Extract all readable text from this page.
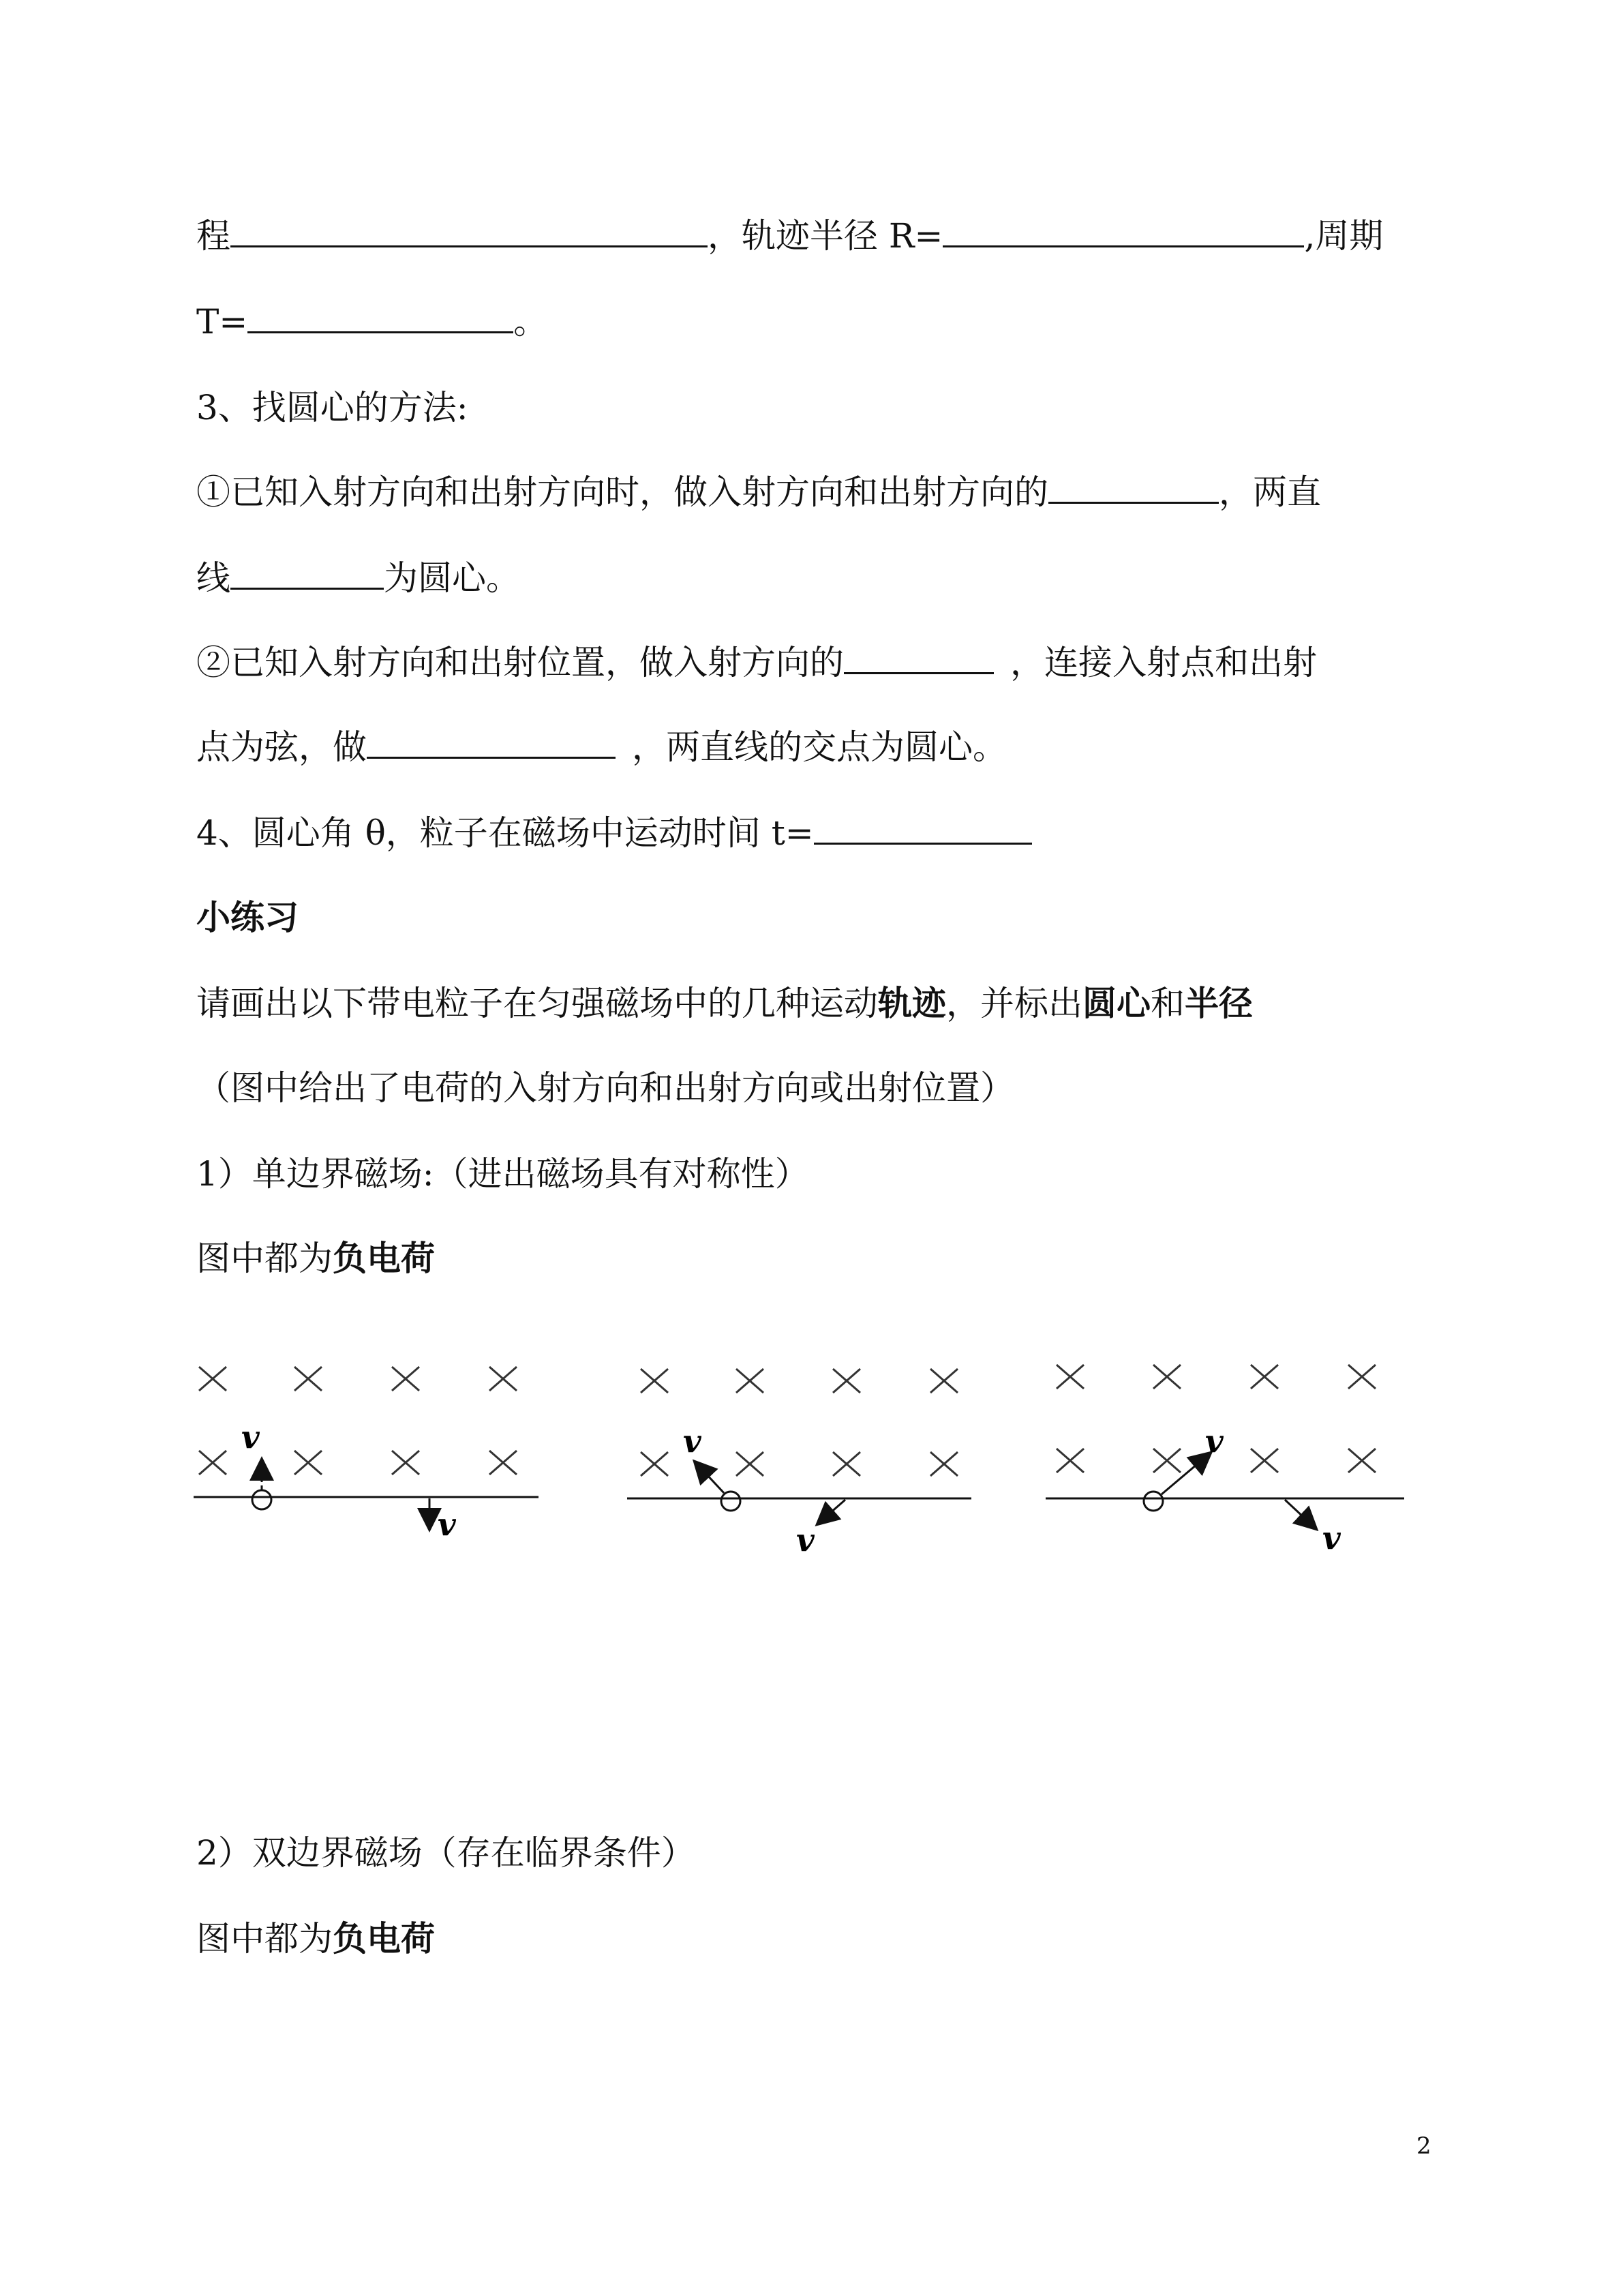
程	，轨迹半径 R=	,周期
T=	。
3、找圆心的方法:
①已知入射方向和出射方向时，做入射方向和出射方向的	，两直
线	为圆心。
②已知入射方向和出射位置，做入射方向的	，连接入射点和出射
点为弦，做	，两直线的交点为圆心。
4、圆心角 θ，粒子在磁场中运动时间 t=
小练习
请画出以下带电粒子在匀强磁场中的几种运动轨迹，并标出圆心和半径
（图中给出了电荷的入射方向和出射方向或出射位置）
1）单边界磁场:（进出磁场具有对称性）
图中都为负电荷
v
v
v
v
v
v
2）双边界磁场（存在临界条件）
图中都为负电荷
2
